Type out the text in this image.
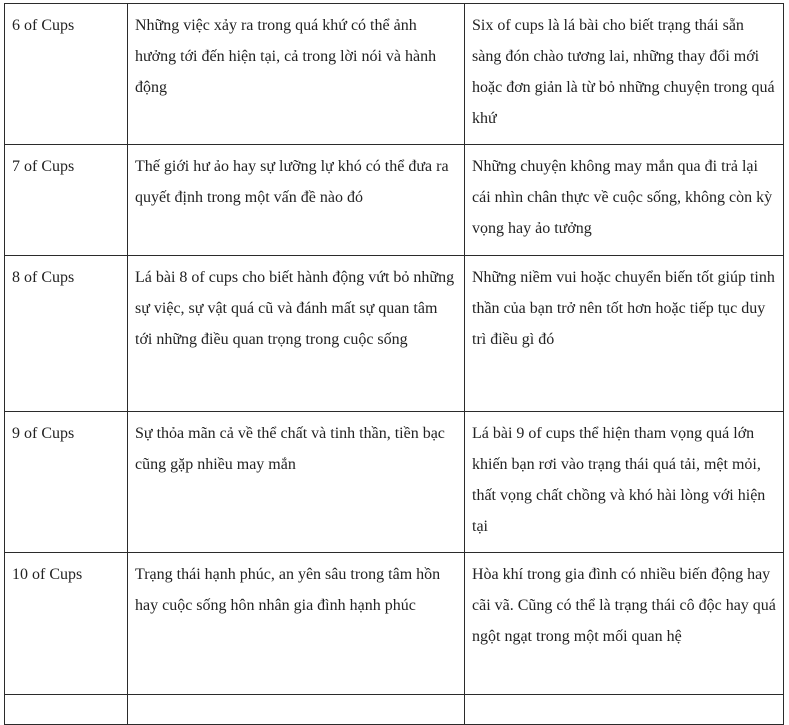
6 of Cups	Những việc xảy ra trong quá khứ có thể ảnh hưởng tới đến hiện tại, cả trong lời nói và hành động	Six of cups là lá bài cho biết trạng thái sẵn sàng đón chào tương lai, những thay đổi mới hoặc đơn giản là từ bỏ những chuyện trong quá khứ
7 of Cups	Thế giới hư ảo hay sự lưỡng lự khó có thể đưa ra quyết định trong một vấn đề nào đó	Những chuyện không may mắn qua đi trả lại cái nhìn chân thực về cuộc sống, không còn kỳ vọng hay ảo tưởng
8 of Cups	Lá bài 8 of cups cho biết hành động vứt bỏ những sự việc, sự vật quá cũ và đánh mất sự quan tâm tới những điều quan trọng trong cuộc sống	Những niềm vui hoặc chuyển biến tốt giúp tinh thần của bạn trở nên tốt hơn hoặc tiếp tục duy trì điều gì đó
9 of Cups	Sự thỏa mãn cả về thể chất và tinh thần, tiền bạc cũng gặp nhiều may mắn	Lá bài 9 of cups thể hiện tham vọng quá lớn khiến bạn rơi vào trạng thái quá tải, mệt mỏi, thất vọng chất chồng và khó hài lòng với hiện tại
10 of Cups	Trạng thái hạnh phúc, an yên sâu trong tâm hồn hay cuộc sống hôn nhân gia đình hạnh phúc	Hòa khí trong gia đình có nhiều biến động hay cãi vã. Cũng có thể là trạng thái cô độc hay quá ngột ngạt trong một mối quan hệ
